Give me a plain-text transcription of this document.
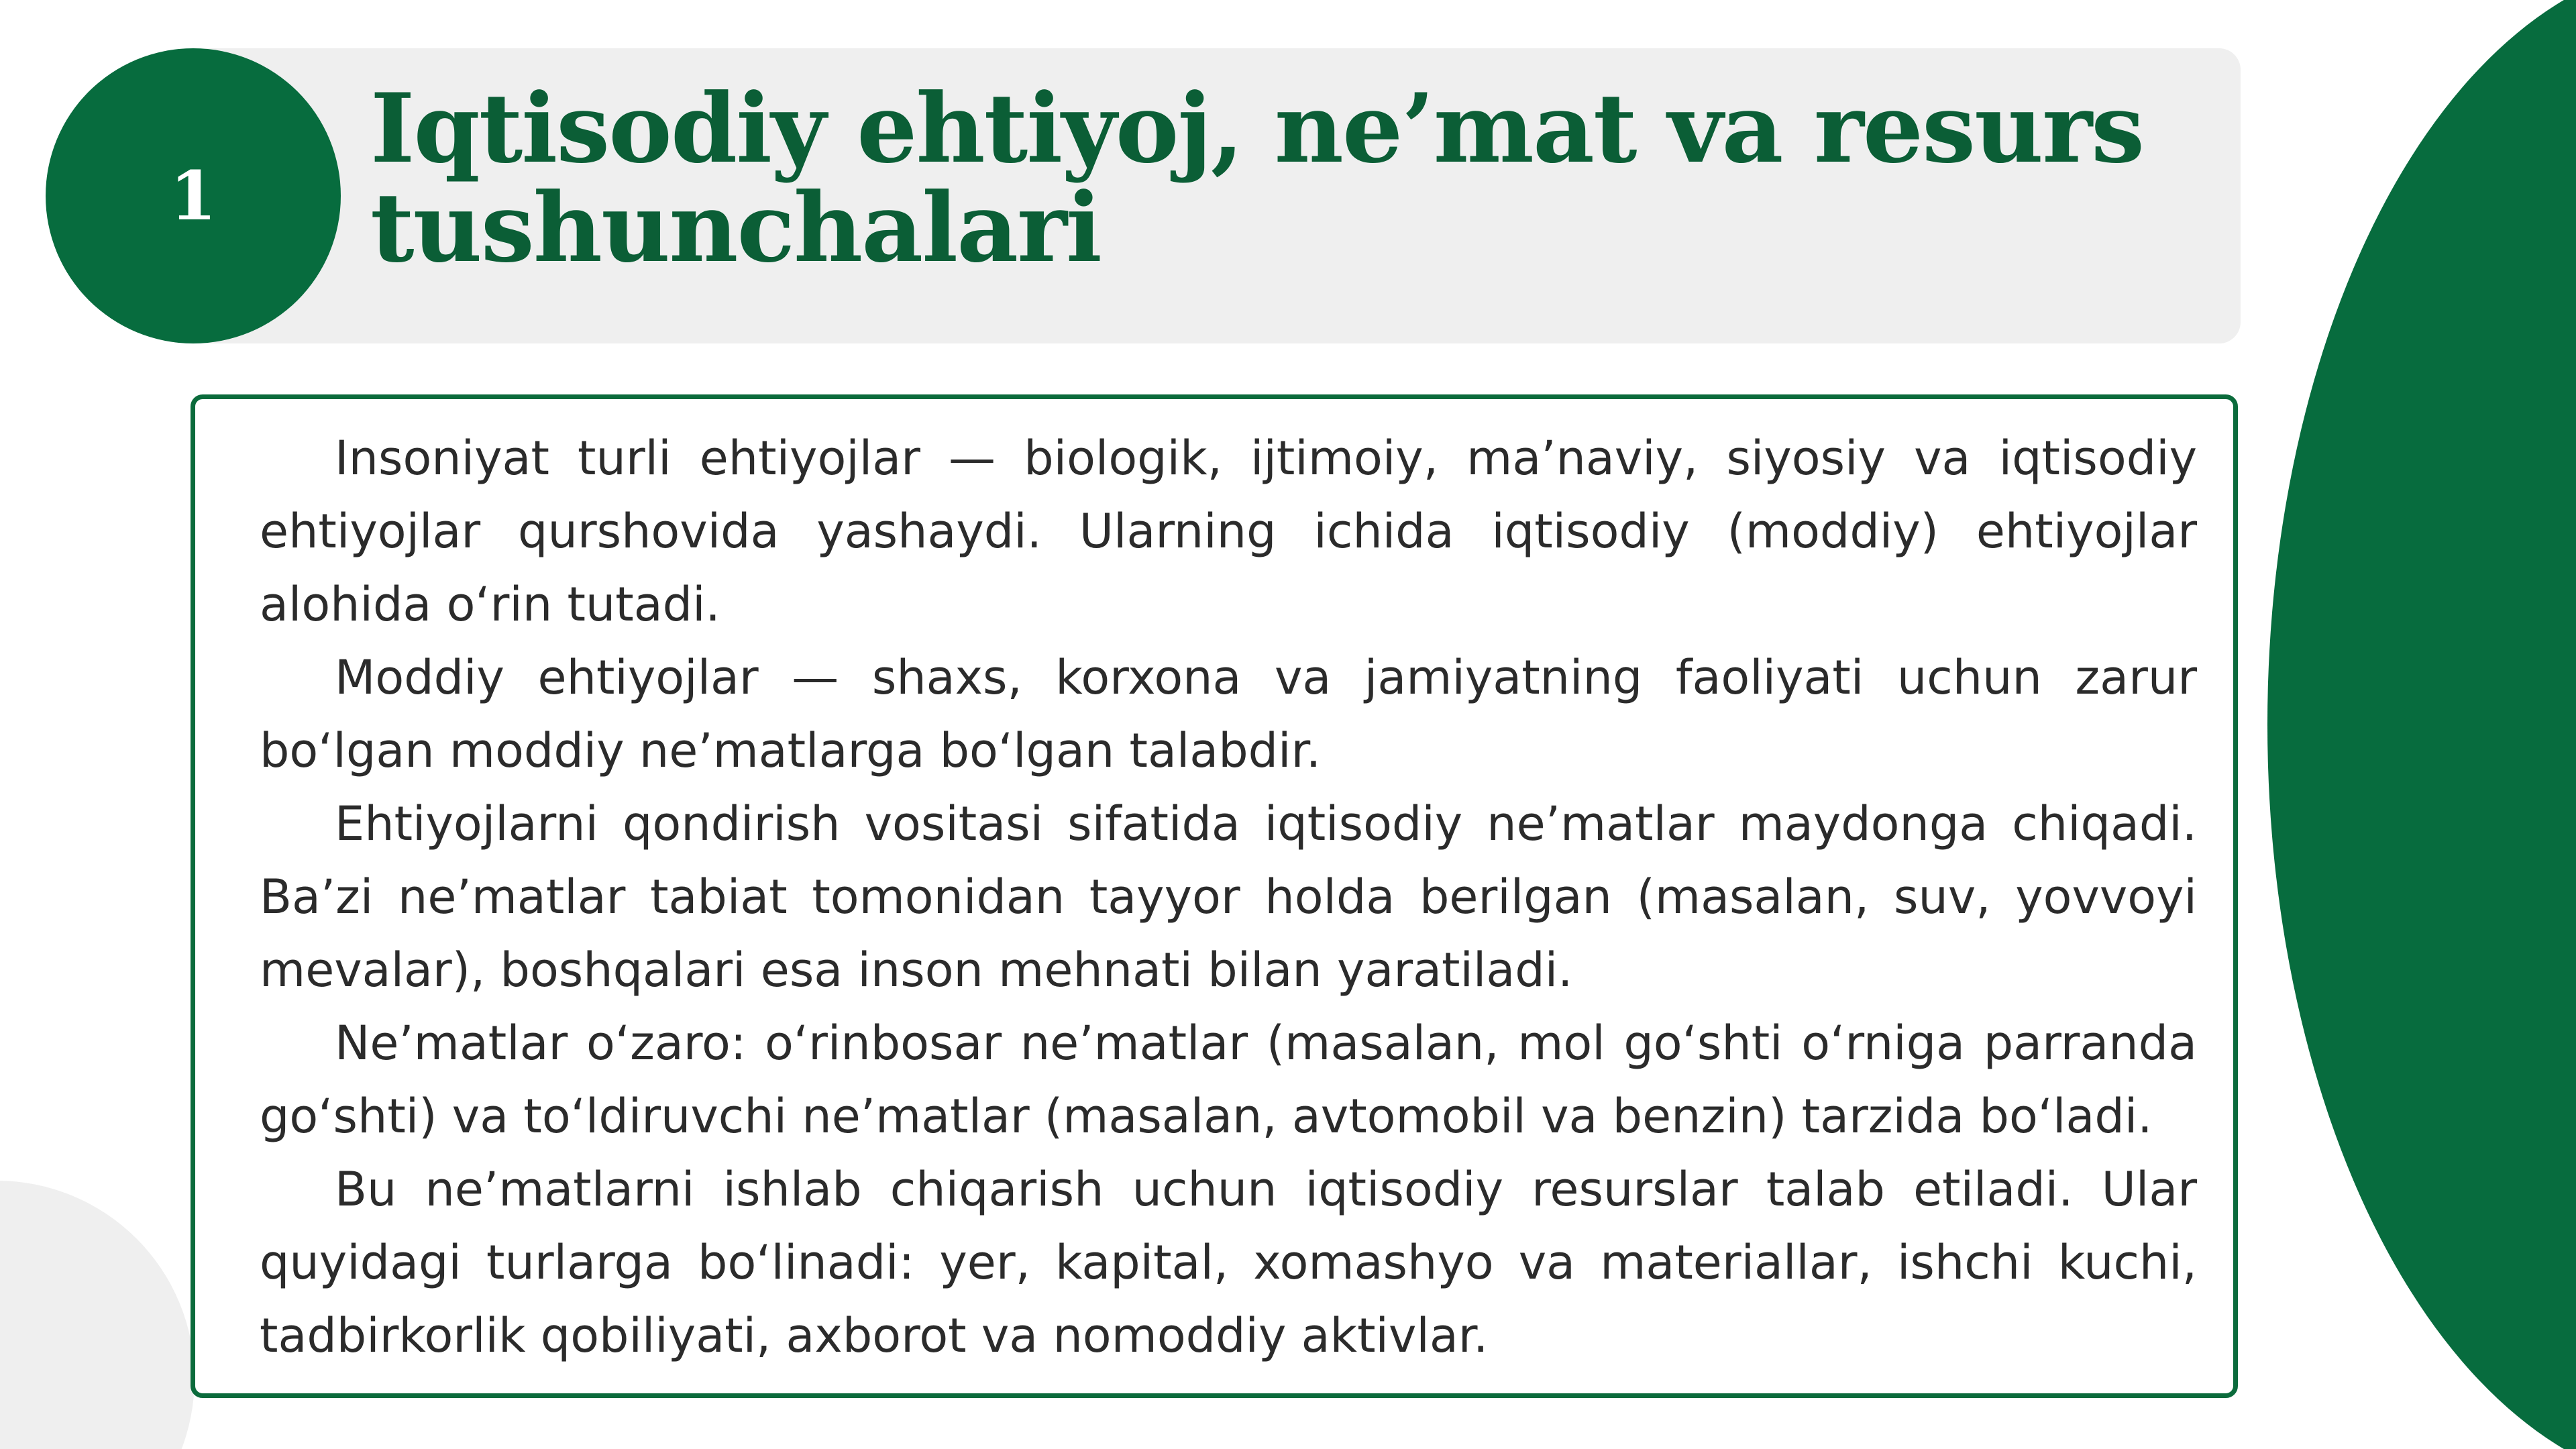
Iqtisodiy ehtiyoj, ne’mat va resurs tushunchalari
1

Insoniyat turli ehtiyojlar — biologik, ijtimoiy, ma’naviy, siyosiy va iqtisodiy ehtiyojlar qurshovida yashaydi. Ularning ichida iqtisodiy (moddiy) ehtiyojlar alohida o‘rin tutadi.

Moddiy ehtiyojlar — shaxs, korxona va jamiyatning faoliyati uchun zarur bo‘lgan moddiy ne’matlarga bo‘lgan talabdir.

Ehtiyojlarni qondirish vositasi sifatida iqtisodiy ne’matlar maydonga chiqadi. Ba’zi ne’matlar tabiat tomonidan tayyor holda berilgan (masalan, suv, yovvoyi mevalar), boshqalari esa inson mehnati bilan yaratiladi.

Ne’matlar o‘zaro: o‘rinbosar ne’matlar (masalan, mol go‘shti o‘rniga parranda go‘shti) va to‘ldiruvchi ne’matlar (masalan, avtomobil va benzin) tarzida bo‘ladi.

Bu ne’matlarni ishlab chiqarish uchun iqtisodiy resurslar talab etiladi. Ular quyidagi turlarga bo‘linadi: yer, kapital, xomashyo va materiallar, ishchi kuchi, tadbirkorlik qobiliyati, axborot va nomoddiy aktivlar.
